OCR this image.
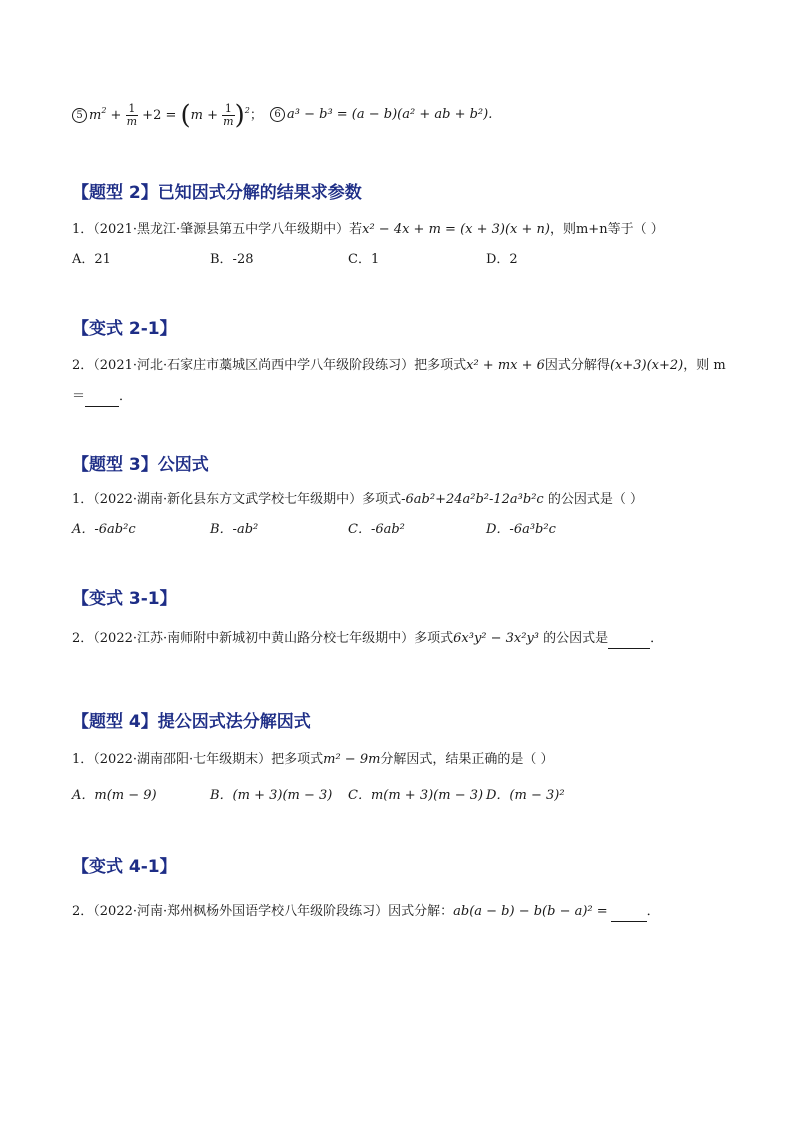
5 $m^2 + \frac{1}{m} +2 = (m + \frac{1}{m} )^2$；	6 a³ − b³ = (a − b)(a² + ab + b²).
【题型 2】已知因式分解的结果求参数
1．（2021·黑龙江·肇源县第五中学八年级期中）若x² − 4x + m = (x + 3)(x + n)，则m+n等于（ ）
A．21	B．-28	C．1	D．2
【变式 2-1】
2．（2021·河北·石家庄市藁城区尚西中学八年级阶段练习）把多项式x² + mx + 6因式分解得(x+3)(x+2)，则 m
＝	．
【题型 3】公因式
1．（2022·湖南·新化县东方文武学校七年级期中）多项式-6ab²+24a²b²-12a³b²c 的公因式是（ ）
A．-6ab²c	B．-ab²	C．-6ab²	D．-6a³b²c
【变式 3-1】
2．（2022·江苏·南师附中新城初中黄山路分校七年级期中）多项式6x³y² − 3x²y³ 的公因式是	．
【题型 4】提公因式法分解因式
1．（2022·湖南邵阳·七年级期末）把多项式m² − 9m分解因式，结果正确的是（ ）
A．m(m − 9)	B．(m + 3)(m − 3) C．m(m + 3)(m − 3) D．(m − 3)²
【变式 4-1】
2．（2022·河南·郑州枫杨外国语学校八年级阶段练习）因式分解：ab(a − b) − b(b − a)² =	．
